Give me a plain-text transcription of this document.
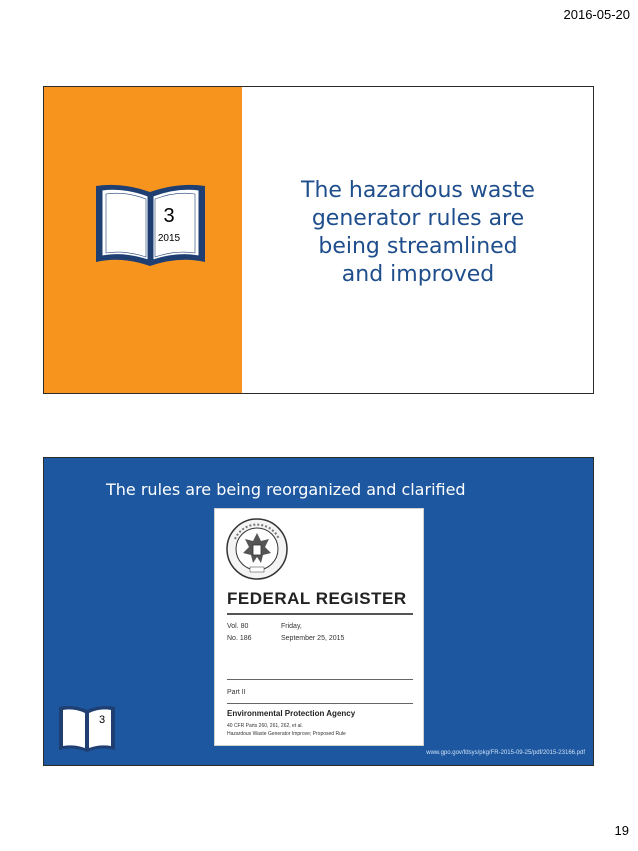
2016-05-20
3
2015
The hazardous waste
generator rules are
being streamlined
and improved
The rules are being reorganized and clarified
FEDERAL REGISTER
Vol. 80	Friday,
No. 186	September 25, 2015
Part II
Environmental Protection Agency
40 CFR Parts 260, 261, 262, et al.
Hazardous Waste Generator Improve; Proposed Rule
3
www.gpo.gov/fdsys/pkg/FR-2015-09-25/pdf/2015-23166.pdf
19
